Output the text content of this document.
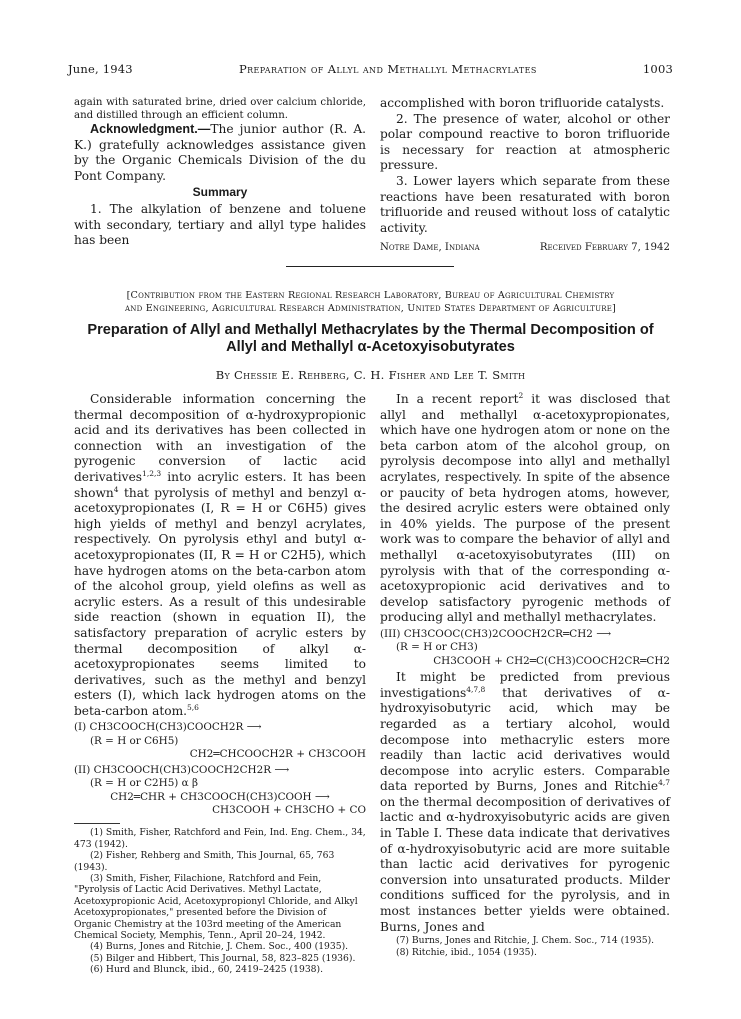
June, 1943	Preparation of Allyl and Methallyl Methacrylates	1003

again with saturated brine, dried over calcium chloride, and distilled through an efficient column.

Acknowledgment.—The junior author (R. A. K.) gratefully acknowledges assistance given by the Organic Chemicals Division of the du Pont Company.

Summary

1. The alkylation of benzene and toluene with secondary, tertiary and allyl type halides has been

accomplished with boron trifluoride catalysts.

2. The presence of water, alcohol or other polar compound reactive to boron trifluoride is necessary for reaction at atmospheric pressure.

3. Lower layers which separate from these reactions have been resaturated with boron trifluoride and reused without loss of catalytic activity.

Notre Dame, Indiana	Received February 7, 1942
[Contribution from the Eastern Regional Research Laboratory, Bureau of Agricultural Chemistry
and Engineering, Agricultural Research Administration, United States Department of Agriculture]
Preparation of Allyl and Methallyl Methacrylates by the Thermal Decomposition of
Allyl and Methallyl α-Acetoxyisobutyrates
By Chessie E. Rehberg, C. H. Fisher and Lee T. Smith

Considerable information concerning the thermal decomposition of α-hydroxypropionic acid and its derivatives has been collected in connection with an investigation of the pyrogenic conversion of lactic acid derivatives$^{1,2,3}$ into acrylic esters. It has been shown$^4$ that pyrolysis of methyl and benzyl α-acetoxypropionates (I, R = H or C6H5) gives high yields of methyl and benzyl acrylates, respectively. On pyrolysis ethyl and butyl α-acetoxypropionates (II, R = H or C2H5), which have hydrogen atoms on the beta-carbon atom of the alcohol group, yield olefins as well as acrylic esters. As a result of this undesirable side reaction (shown in equation II), the satisfactory preparation of acrylic esters by thermal decomposition of alkyl α-acetoxypropionates seems limited to derivatives, such as the methyl and benzyl esters (I), which lack hydrogen atoms on the beta-carbon atom.$^{5,6}$

(I) CH3COOCH(CH3)COOCH2R ⟶
(R = H or C6H5)
CH2═CHCOOCH2R + CH3COOH
(II) CH3COOCH(CH3)COOCH2CH2R ⟶
(R = H or C2H5) α β
CH2═CHR + CH3COOCH(CH3)COOH ⟶
CH3COOH + CH3CHO + CO

(1) Smith, Fisher, Ratchford and Fein, Ind. Eng. Chem., 34, 473 (1942).

(2) Fisher, Rehberg and Smith, This Journal, 65, 763 (1943).

(3) Smith, Fisher, Filachione, Ratchford and Fein, "Pyrolysis of Lactic Acid Derivatives. Methyl Lactate, Acetoxypropionic Acid, Acetoxypropionyl Chloride, and Alkyl Acetoxypropionates," presented before the Division of Organic Chemistry at the 103rd meeting of the American Chemical Society, Memphis, Tenn., April 20–24, 1942.

(4) Burns, Jones and Ritchie, J. Chem. Soc., 400 (1935).

(5) Bilger and Hibbert, This Journal, 58, 823–825 (1936).

(6) Hurd and Blunck, ibid., 60, 2419–2425 (1938).

In a recent report$^2$ it was disclosed that allyl and methallyl α-acetoxypropionates, which have one hydrogen atom or none on the beta carbon atom of the alcohol group, on pyrolysis decompose into allyl and methallyl acrylates, respectively. In spite of the absence or paucity of beta hydrogen atoms, however, the desired acrylic esters were obtained only in 40% yields. The purpose of the present work was to compare the behavior of allyl and methallyl α-acetoxyisobutyrates (III) on pyrolysis with that of the corresponding α-acetoxypropionic acid derivatives and to develop satisfactory pyrogenic methods of producing allyl and methallyl methacrylates.

(III) CH3COOC(CH3)2COOCH2CR═CH2 ⟶
(R = H or CH3)
CH3COOH + CH2═C(CH3)COOCH2CR═CH2

It might be predicted from previous investigations$^{4,7,8}$ that derivatives of α-hydroxyisobutyric acid, which may be regarded as a tertiary alcohol, would decompose into methacrylic esters more readily than lactic acid derivatives would decompose into acrylic esters. Comparable data reported by Burns, Jones and Ritchie$^{4,7}$ on the thermal decomposition of derivatives of lactic and α-hydroxyisobutyric acids are given in Table I. These data indicate that derivatives of α-hydroxyisobutyric acid are more suitable than lactic acid derivatives for pyrogenic conversion into unsaturated products. Milder conditions sufficed for the pyrolysis, and in most instances better yields were obtained. Burns, Jones and

(7) Burns, Jones and Ritchie, J. Chem. Soc., 714 (1935).

(8) Ritchie, ibid., 1054 (1935).
